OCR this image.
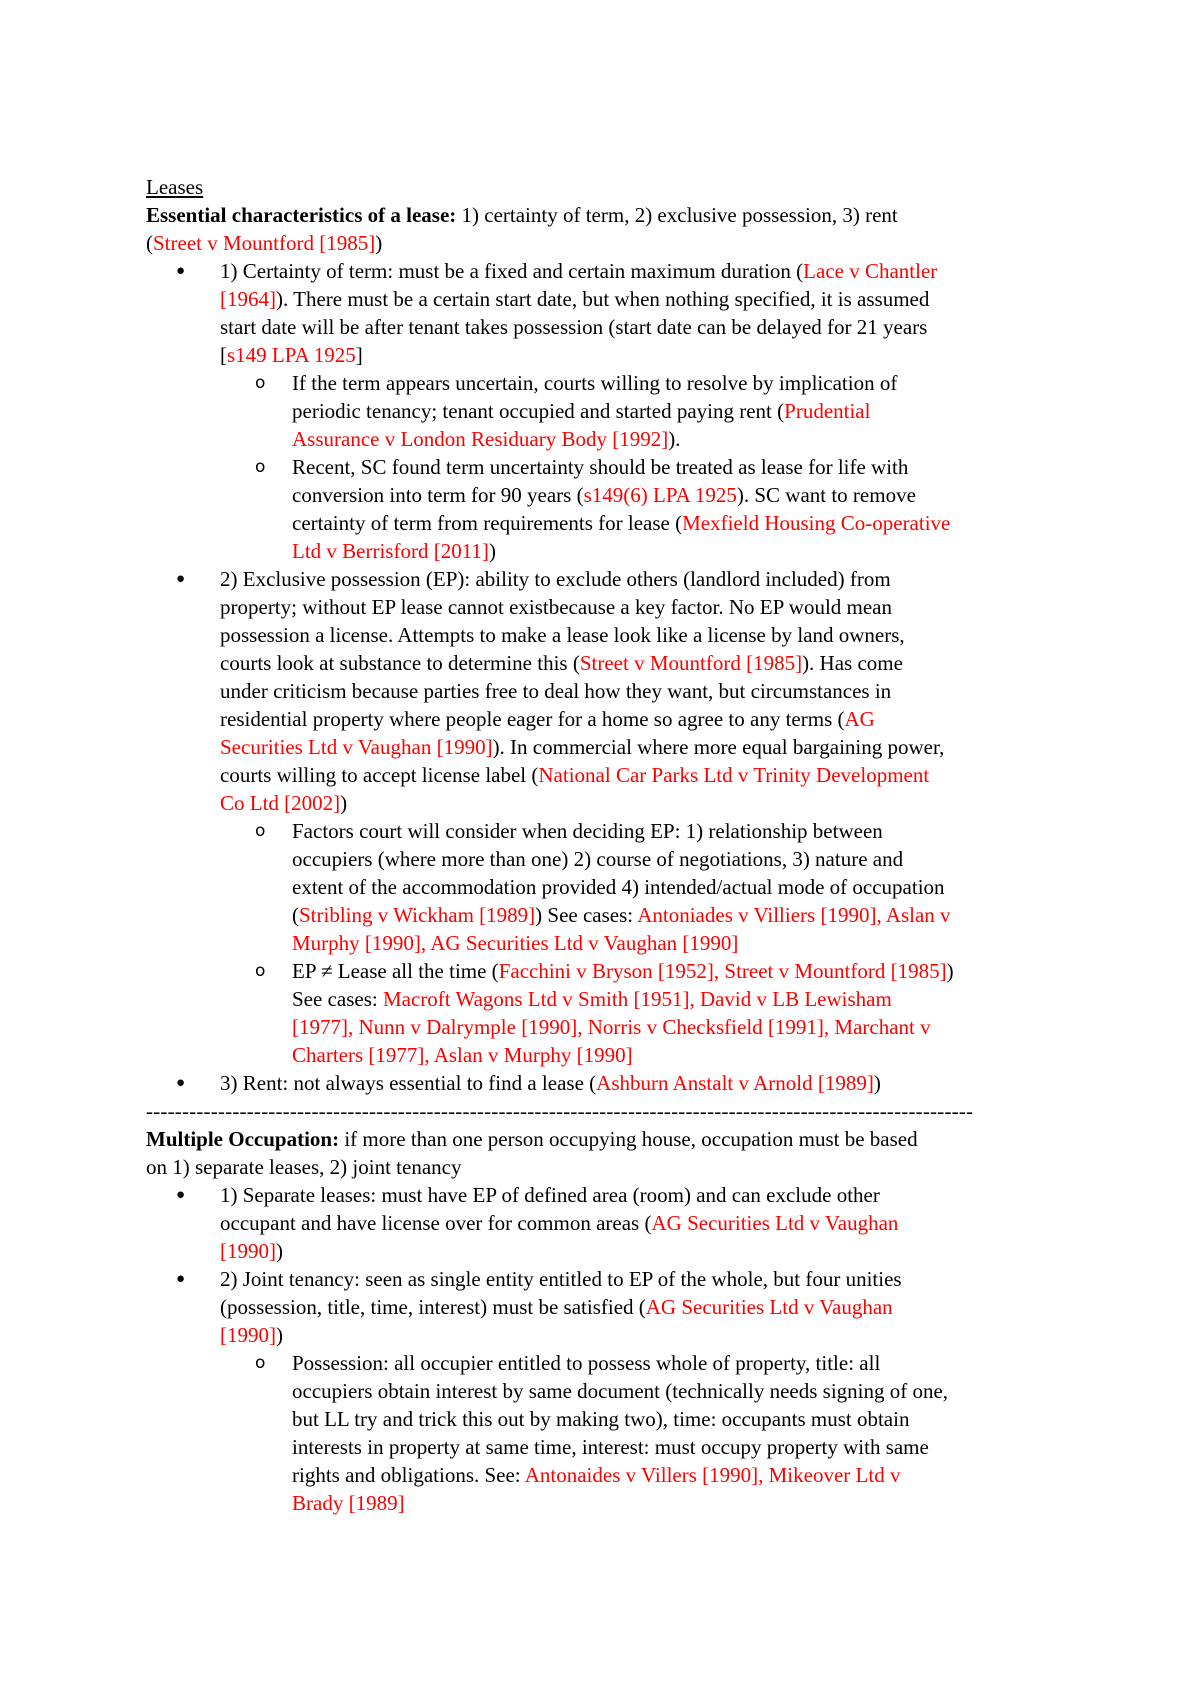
Leases
Essential characteristics of a lease: 1) certainty of term, 2) exclusive possession, 3) rent
(Street v Mountford [1985])
● 1) Certainty of term: must be a fixed and certain maximum duration (Lace v Chantler
[1964]). There must be a certain start date, but when nothing specified, it is assumed
start date will be after tenant takes possession (start date can be delayed for 21 years
[s149 LPA 1925]
o If the term appears uncertain, courts willing to resolve by implication of
periodic tenancy; tenant occupied and started paying rent (Prudential
Assurance v London Residuary Body [1992]).
o Recent, SC found term uncertainty should be treated as lease for life with
conversion into term for 90 years (s149(6) LPA 1925). SC want to remove
certainty of term from requirements for lease (Mexfield Housing Co-operative
Ltd v Berrisford [2011])
● 2) Exclusive possession (EP): ability to exclude others (landlord included) from
property; without EP lease cannot existbecause a key factor. No EP would mean
possession a license. Attempts to make a lease look like a license by land owners,
courts look at substance to determine this (Street v Mountford [1985]). Has come
under criticism because parties free to deal how they want, but circumstances in
residential property where people eager for a home so agree to any terms (AG
Securities Ltd v Vaughan [1990]). In commercial where more equal bargaining power,
courts willing to accept license label (National Car Parks Ltd v Trinity Development
Co Ltd [2002])
o Factors court will consider when deciding EP: 1) relationship between
occupiers (where more than one) 2) course of negotiations, 3) nature and
extent of the accommodation provided 4) intended/actual mode of occupation
(Stribling v Wickham [1989]) See cases: Antoniades v Villiers [1990], Aslan v
Murphy [1990], AG Securities Ltd v Vaughan [1990]
o EP ≠ Lease all the time (Facchini v Bryson [1952], Street v Mountford [1985])
See cases: Macroft Wagons Ltd v Smith [1951], David v LB Lewisham
[1977], Nunn v Dalrymple [1990], Norris v Checksfield [1991], Marchant v
Charters [1977], Aslan v Murphy [1990]
● 3) Rent: not always essential to find a lease (Ashburn Anstalt v Arnold [1989])
-------------------------------------------------------------------------------------------------------------------
Multiple Occupation: if more than one person occupying house, occupation must be based
on 1) separate leases, 2) joint tenancy
● 1) Separate leases: must have EP of defined area (room) and can exclude other
occupant and have license over for common areas (AG Securities Ltd v Vaughan
[1990])
● 2) Joint tenancy: seen as single entity entitled to EP of the whole, but four unities
(possession, title, time, interest) must be satisfied (AG Securities Ltd v Vaughan
[1990])
o Possession: all occupier entitled to possess whole of property, title: all
occupiers obtain interest by same document (technically needs signing of one,
but LL try and trick this out by making two), time: occupants must obtain
interests in property at same time, interest: must occupy property with same
rights and obligations. See: Antonaides v Villers [1990], Mikeover Ltd v
Brady [1989]
